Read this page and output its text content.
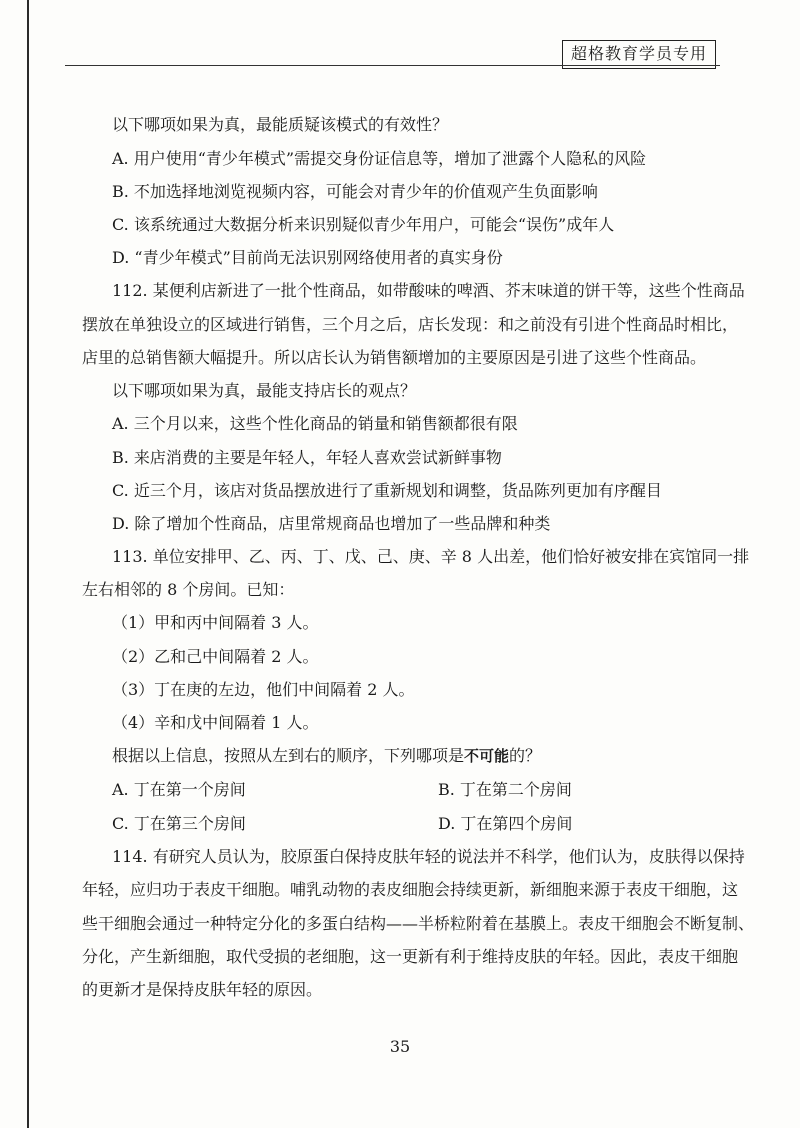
超格教育学员专用
以下哪项如果为真，最能质疑该模式的有效性？
A. 用户使用“青少年模式”需提交身份证信息等，增加了泄露个人隐私的风险
B. 不加选择地浏览视频内容，可能会对青少年的价值观产生负面影响
C. 该系统通过大数据分析来识别疑似青少年用户，可能会“误伤”成年人
D. “青少年模式”目前尚无法识别网络使用者的真实身份
112. 某便利店新进了一批个性商品，如带酸味的啤酒、芥末味道的饼干等，这些个性商品
摆放在单独设立的区域进行销售，三个月之后，店长发现：和之前没有引进个性商品时相比，
店里的总销售额大幅提升。所以店长认为销售额增加的主要原因是引进了这些个性商品。
以下哪项如果为真，最能支持店长的观点？
A. 三个月以来，这些个性化商品的销量和销售额都很有限
B. 来店消费的主要是年轻人，年轻人喜欢尝试新鲜事物
C. 近三个月，该店对货品摆放进行了重新规划和调整，货品陈列更加有序醒目
D. 除了增加个性商品，店里常规商品也增加了一些品牌和种类
113. 单位安排甲、乙、丙、丁、戊、己、庚、辛 8 人出差，他们恰好被安排在宾馆同一排
左右相邻的 8 个房间。已知：
（1）甲和丙中间隔着 3 人。
（2）乙和己中间隔着 2 人。
（3）丁在庚的左边，他们中间隔着 2 人。
（4）辛和戊中间隔着 1 人。
根据以上信息，按照从左到右的顺序，下列哪项是不可能的？
A. 丁在第一个房间	B. 丁在第二个房间
C. 丁在第三个房间	D. 丁在第四个房间
114. 有研究人员认为，胶原蛋白保持皮肤年轻的说法并不科学，他们认为，皮肤得以保持
年轻，应归功于表皮干细胞。哺乳动物的表皮细胞会持续更新，新细胞来源于表皮干细胞，这
些干细胞会通过一种特定分化的多蛋白结构——半桥粒附着在基膜上。表皮干细胞会不断复制、
分化，产生新细胞，取代受损的老细胞，这一更新有利于维持皮肤的年轻。因此，表皮干细胞
的更新才是保持皮肤年轻的原因。
35
